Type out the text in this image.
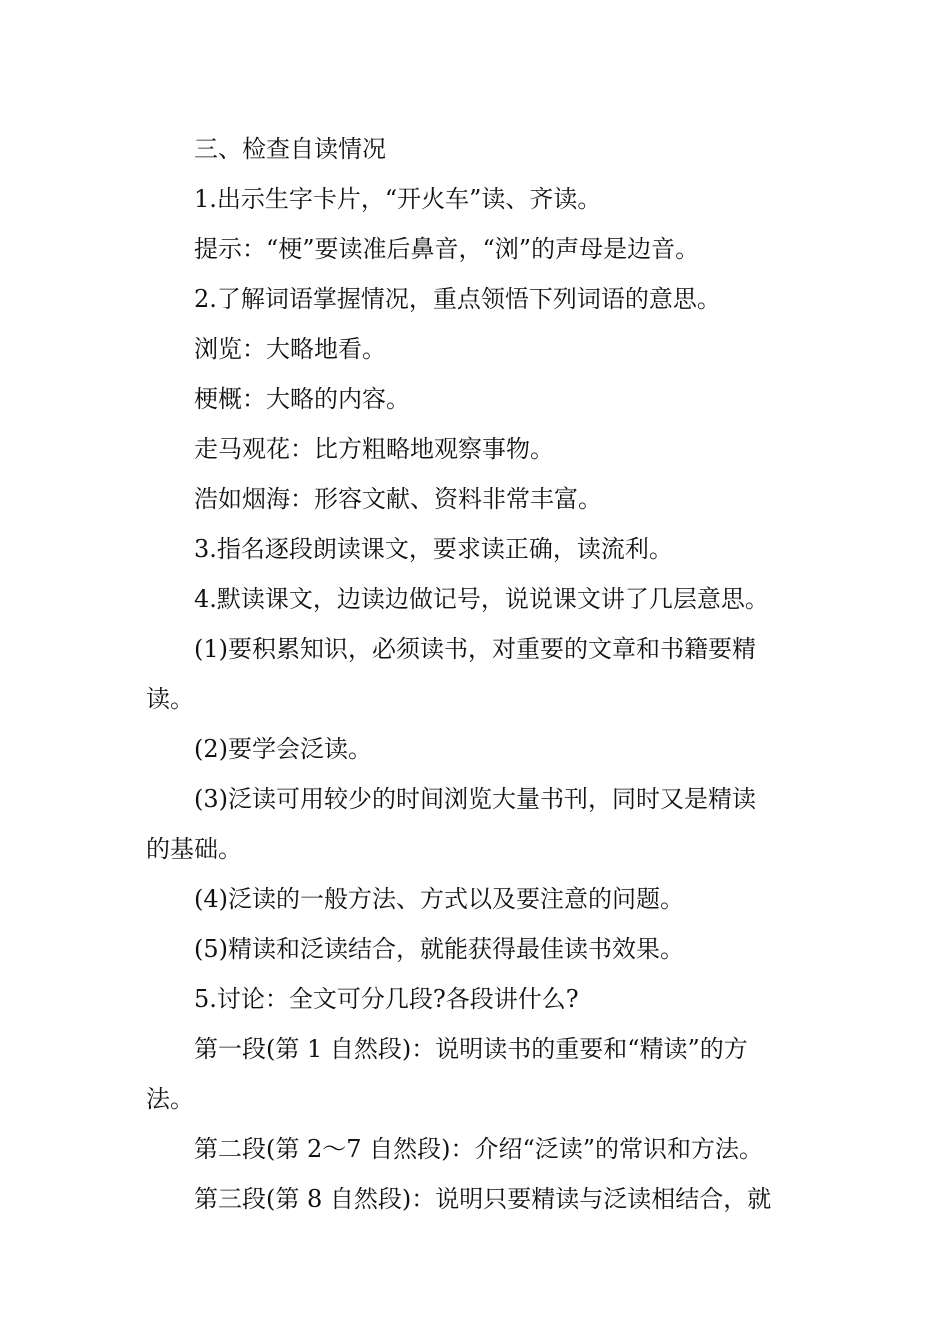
三、检查自读情况
1.出示生字卡片，“开火车”读、齐读。
提示：“梗”要读准后鼻音，“浏”的声母是边音。
2.了解词语掌握情况，重点领悟下列词语的意思。
浏览：大略地看。
梗概：大略的内容。
走马观花：比方粗略地观察事物。
浩如烟海：形容文献、资料非常丰富。
3.指名逐段朗读课文，要求读正确，读流利。
4.默读课文，边读边做记号，说说课文讲了几层意思。
(1)要积累知识，必须读书，对重要的文章和书籍要精
读。
(2)要学会泛读。
(3)泛读可用较少的时间浏览大量书刊，同时又是精读
的基础。
(4)泛读的一般方法、方式以及要注意的问题。
(5)精读和泛读结合，就能获得最佳读书效果。
5.讨论：全文可分几段?各段讲什么?
第一段(第 1 自然段)：说明读书的重要和“精读”的方
法。
第二段(第 2～7 自然段)：介绍“泛读”的常识和方法。
第三段(第 8 自然段)：说明只要精读与泛读相结合，就
